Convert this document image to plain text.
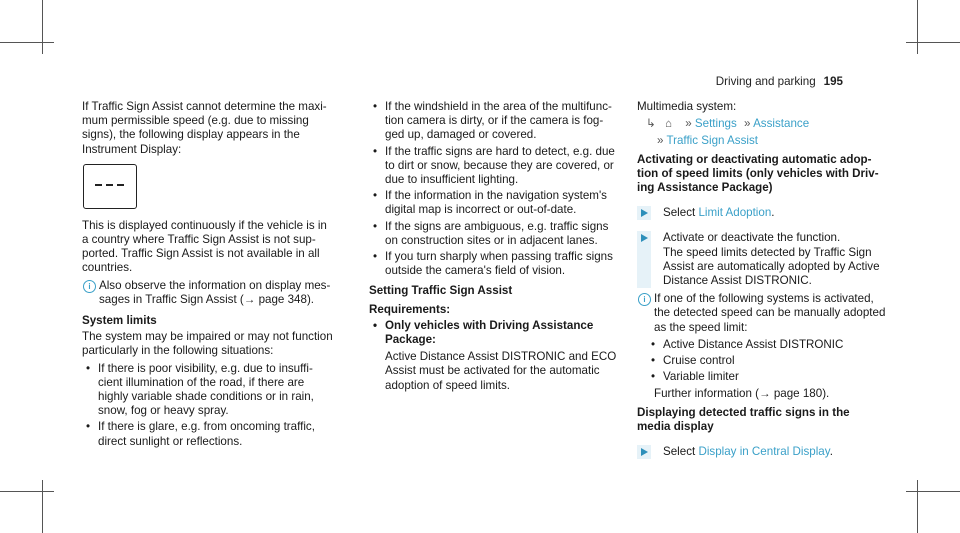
Driving and parking 195

If Traffic Sign Assist cannot determine the maxi-
mum permissible speed (e.g. due to missing
signs), the following display appears in the
Instrument Display:

This is displayed continuously if the vehicle is in
a country where Traffic Sign Assist is not sup-
ported. Traffic Sign Assist is not available in all
countries.

i Also observe the information on display mes-
sages in Traffic Sign Assist (→ page 348).

System limits

The system may be impaired or may not function
particularly in the following situations:

• If there is poor visibility, e.g. due to insuffi-
cient illumination of the road, if there are
highly variable shade conditions or in rain,
snow, fog or heavy spray.
• If there is glare, e.g. from oncoming traffic,
direct sunlight or reflections.
• If the windshield in the area of the multifunc-
tion camera is dirty, or if the camera is fog-
ged up, damaged or covered.
• If the traffic signs are hard to detect, e.g. due
to dirt or snow, because they are covered, or
due to insufficient lighting.
• If the information in the navigation system's
digital map is incorrect or out-of-date.
• If the signs are ambiguous, e.g. traffic signs
on construction sites or in adjacent lanes.
• If you turn sharply when passing traffic signs
outside the camera's field of vision.

Setting Traffic Sign Assist

Requirements:

• Only vehicles with Driving Assistance
Package:

Active Distance Assist DISTRONIC and ECO
Assist must be activated for the automatic
adoption of speed limits.

Multimedia system:

↳ ⌂ » Settings » Assistance

» Traffic Sign Assist

Activating or deactivating automatic adop-
tion of speed limits (only vehicles with Driv-
ing Assistance Package)

Select Limit Adoption.
Activate or deactivate the function.
The speed limits detected by Traffic Sign
Assist are automatically adopted by Active
Distance Assist DISTRONIC.
i If one of the following systems is activated,
the detected speed can be manually adopted
as the speed limit:
• Active Distance Assist DISTRONIC
• Cruise control
• Variable limiter

Further information (→ page 180).

Displaying detected traffic signs in the
media display

Select Display in Central Display.
